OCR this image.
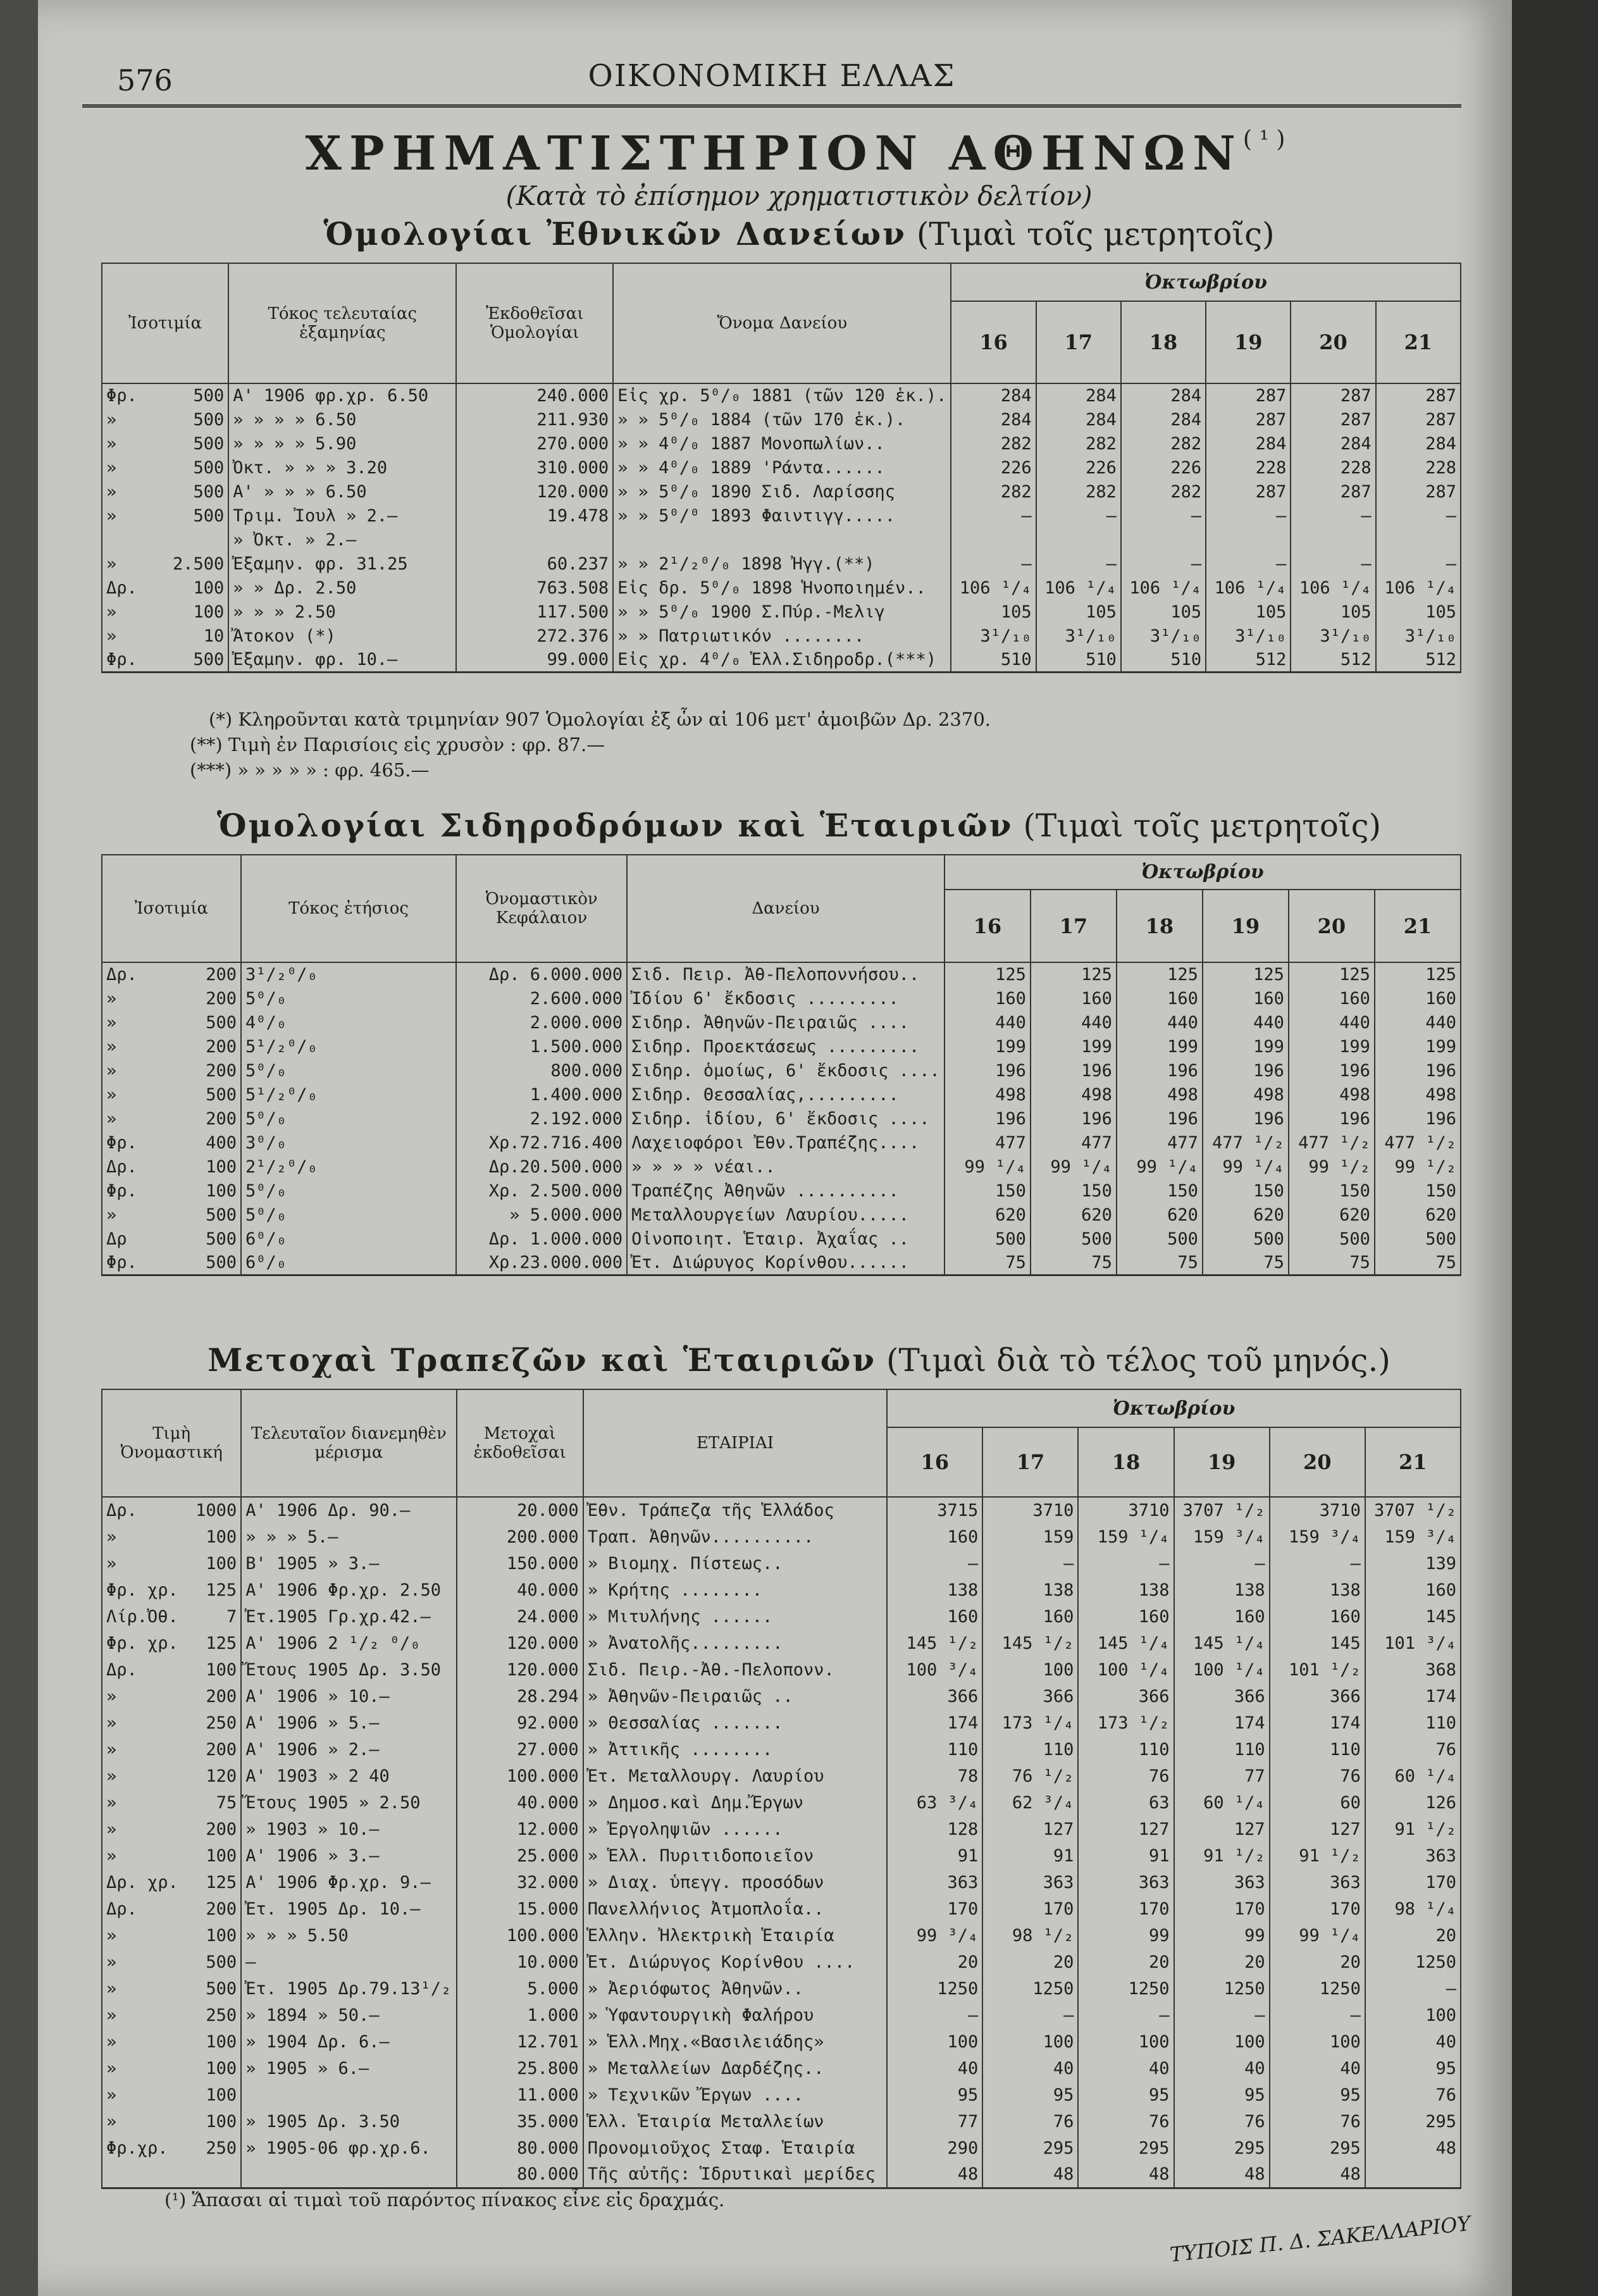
576	ΟΙΚΟΝΟΜΙΚΗ ΕΛΛΑΣ
ΧΡΗΜΑΤΙΣΤΗΡΙΟΝ $A\Theta HN\Omega N^{(^1)}$
(Κατὰ τὸ ἐπίσημον χρηματιστικὸν δελτίον)
Ὁμολογίαι Ἐθνικῶν Δανείων (Τιμαὶ τοῖς μετρητοῖς)
Ἰσοτιμία	Τόκος τελευταίας ἑξαμηνίας	Ἐκδοθεῖσαι Ὁμολογίαι	Ὄνομα Δανείου	Ὀκτωβρίου					
				16	17	18	19	20	21

Φρ. 500	Α' 1906 φρ.χρ. 6.50	240.000	Εἰς χρ. 5⁰/₀ 1881 (τῶν 120 ἑκ.).	284	284	284	287	287	287

» 500	» » » » 6.50	211.930	» » 5⁰/₀ 1884 (τῶν 170 ἑκ.).	284	284	284	287	287	287

» 500	» » » » 5.90	270.000	» » 4⁰/₀ 1887 Μονοπωλίων..	282	282	282	284	284	284

» 500	Ὀκτ. » » » 3.20	310.000	» » 4⁰/₀ 1889 'Ράντα......	226	226	226	228	228	228

» 500	Α' » » » 6.50	120.000	» » 5⁰/₀ 1890 Σιδ. Λαρίσσης	282	282	282	287	287	287

» 500	Τριμ. Ἰουλ » 2.—	19.478	» » 5⁰/⁰ 1893 Φαιντιγγ.....	—	—	—	—	—	—

	» Ὀκτ. » 2.—								

» 2.500	Ἐξαμην. φρ. 31.25	60.237	» » 2¹/₂⁰/₀ 1898 Ἠγγ.(**)	—	—	—	—	—	—

Δρ. 100	» » Δρ. 2.50	763.508	Εἰς δρ. 5⁰/₀ 1898 Ἡνοποιημέν..	106 ¹/₄	106 ¹/₄	106 ¹/₄	106 ¹/₄	106 ¹/₄	106 ¹/₄

» 100	» » » 2.50	117.500	» » 5⁰/₀ 1900 Σ.Πύρ.-Μελιγ	105	105	105	105	105	105

» 10	Ἄτοκον (*)	272.376	» » Πατριωτικόν ........	3¹/₁₀	3¹/₁₀	3¹/₁₀	3¹/₁₀	3¹/₁₀	3¹/₁₀

Φρ. 500	Ἐξαμην. φρ. 10.—	99.000	Εἰς χρ. 4⁰/₀ Ἑλλ.Σιδηροδρ.(***)	510	510	510	512	512	512
(*) Κληροῦνται κατὰ τριμηνίαν 907 Ὁμολογίαι ἐξ ὧν αἱ 106 μετ' ἀμοιβῶν Δρ. 2370.
(**) Τιμὴ ἐν Παρισίοις εἰς χρυσὸν : φρ. 87.—
(***) » » » » » : φρ. 465.—
Ὁμολογίαι Σιδηροδρόμων καὶ Ἑταιριῶν (Τιμαὶ τοῖς μετρητοῖς)
Ἰσοτιμία	Τόκος ἐτήσιος	Ὀνομαστικὸν Κεφάλαιον	Δανείου	Ὀκτωβρίου					
				16	17	18	19	20	21

Δρ. 200	3¹/₂⁰/₀	Δρ. 6.000.000	Σιδ. Πειρ. Ἀθ-Πελοποννήσου..	125	125	125	125	125	125

» 200	5⁰/₀	2.600.000	Ἰδίου 6' ἔκδοσις .........	160	160	160	160	160	160

» 500	4⁰/₀	2.000.000	Σιδηρ. Ἀθηνῶν-Πειραιῶς ....	440	440	440	440	440	440

» 200	5¹/₂⁰/₀	1.500.000	Σιδηρ. Προεκτάσεως .........	199	199	199	199	199	199

» 200	5⁰/₀	800.000	Σιδηρ. ὁμοίως, 6' ἔκδοσις ....	196	196	196	196	196	196

» 500	5¹/₂⁰/₀	1.400.000	Σιδηρ. Θεσσαλίας,.........	498	498	498	498	498	498

» 200	5⁰/₀	2.192.000	Σιδηρ. ἰδίου, 6' ἔκδοσις ....	196	196	196	196	196	196

Φρ. 400	3⁰/₀	Χρ.72.716.400	Λαχειοφόροι Ἐθν.Τραπέζης....	477	477	477	477 ¹/₂	477 ¹/₂	477 ¹/₂

Δρ. 100	2¹/₂⁰/₀	Δρ.20.500.000	» » » » νέαι..	99 ¹/₄	99 ¹/₄	99 ¹/₄	99 ¹/₄	99 ¹/₂	99 ¹/₂

Φρ. 100	5⁰/₀	Χρ. 2.500.000	Τραπέζης Ἀθηνῶν ..........	150	150	150	150	150	150

» 500	5⁰/₀	» 5.000.000	Μεταλλουργείων Λαυρίου.....	620	620	620	620	620	620

Δρ 500	6⁰/₀	Δρ. 1.000.000	Οἰνοποιητ. Ἑταιρ. Ἀχαΐας ..	500	500	500	500	500	500

Φρ. 500	6⁰/₀	Χρ.23.000.000	Ἐτ. Διώρυγος Κορίνθου......	75	75	75	75	75	75
Μετοχαὶ Τραπεζῶν καὶ Ἑταιριῶν (Τιμαὶ διὰ τὸ τέλος τοῦ μηνός.)
Τιμὴ Ὀνομαστική	Τελευταῖον διανεμηθὲν μέρισμα	Μετοχαὶ ἐκδοθεῖσαι	ΕΤΑΙΡΙΑΙ	Ὀκτωβρίου					
				16	17	18	19	20	21

Δρ. 1000	Α' 1906 Δρ. 90.—	20.000	Ἐθν. Τράπεζα τῆς Ἑλλάδος	3715	3710	3710	3707 ¹/₂	3710	3707 ¹/₂

» 100	» » » 5.—	200.000	Τραπ. Ἀθηνῶν..........	160	159	159 ¹/₄	159 ³/₄	159 ³/₄	159 ³/₄

» 100	Β' 1905 » 3.—	150.000	» Βιομηχ. Πίστεως..	—	—	—	—	—	139

Φρ. χρ. 125	Α' 1906 Φρ.χρ. 2.50	40.000	» Κρήτης ........	138	138	138	138	138	160

Λίρ.Ὀθ. 7	Ἐτ.1905 Γρ.χρ.42.—	24.000	» Μιτυλήνης ......	160	160	160	160	160	145

Φρ. χρ. 125	Α' 1906 2 ¹/₂ ⁰/₀	120.000	» Ἀνατολῆς.........	145 ¹/₂	145 ¹/₂	145 ¹/₄	145 ¹/₄	145	101 ³/₄

Δρ. 100	Ἔτους 1905 Δρ. 3.50	120.000	Σιδ. Πειρ.-Ἀθ.-Πελοπονν.	100 ³/₄	100	100 ¹/₄	100 ¹/₄	101 ¹/₂	368

» 200	Α' 1906 » 10.—	28.294	» Ἀθηνῶν-Πειραιῶς ..	366	366	366	366	366	174

» 250	Α' 1906 » 5.—	92.000	» Θεσσαλίας .......	174	173 ¹/₄	173 ¹/₂	174	174	110

» 200	Α' 1906 » 2.—	27.000	» Ἀττικῆς ........	110	110	110	110	110	76

» 120	Α' 1903 » 2 40	100.000	Ἐτ. Μεταλλουργ. Λαυρίου	78	76 ¹/₂	76	77	76	60 ¹/₄

» 75	Ἔτους 1905 » 2.50	40.000	» Δημοσ.καὶ Δημ.Ἔργων	63 ³/₄	62 ³/₄	63	60 ¹/₄	60	126

» 200	» 1903 » 10.—	12.000	» Ἐργοληψιῶν ......	128	127	127	127	127	91 ¹/₂

» 100	Α' 1906 » 3.—	25.000	» Ἑλλ. Πυριτιδοποιεῖον	91	91	91	91 ¹/₂	91 ¹/₂	363

Δρ. χρ. 125	Α' 1906 Φρ.χρ. 9.—	32.000	» Διαχ. ὑπεγγ. προσόδων	363	363	363	363	363	170

Δρ. 200	Ἐτ. 1905 Δρ. 10.—	15.000	Πανελλήνιος Ἀτμοπλοΐα..	170	170	170	170	170	98 ¹/₄

» 100	» » » 5.50	100.000	Ἑλλην. Ἠλεκτρικὴ Ἑταιρία	99 ³/₄	98 ¹/₂	99	99	99 ¹/₄	20

» 500	—	10.000	Ἐτ. Διώρυγος Κορίνθου ....	20	20	20	20	20	1250

» 500	Ἐτ. 1905 Δρ.79.13¹/₂	5.000	» Ἀεριόφωτος Ἀθηνῶν..	1250	1250	1250	1250	1250	—

» 250	» 1894 » 50.—	1.000	» Ὑφαντουργικὴ Φαλήρου	—	—	—	—	—	100

» 100	» 1904 Δρ. 6.—	12.701	» Ἑλλ.Μηχ.«Βασιλειάδης»	100	100	100	100	100	40

» 100	» 1905 » 6.—	25.800	» Μεταλλείων Δαρδέζης..	40	40	40	40	40	95

» 100		11.000	» Τεχνικῶν Ἔργων ....	95	95	95	95	95	76

» 100	» 1905 Δρ. 3.50	35.000	Ἑλλ. Ἑταιρία Μεταλλείων	77	76	76	76	76	295

Φρ.χρ. 250	» 1905-06 φρ.χρ.6.	80.000	Προνομιοῦχος Σταφ. Ἑταιρία	290	295	295	295	295	48

		80.000	Τῆς αὐτῆς: Ἱδρυτικαὶ μερίδες	48	48	48	48	48	
(¹) Ἅπασαι αἱ τιμαὶ τοῦ παρόντος πίνακος εἶνε εἰς δραχμάς.
ΤΥΠΟΙΣ Π. Δ. ΣΑΚΕΛΛΑΡΙΟΥ
